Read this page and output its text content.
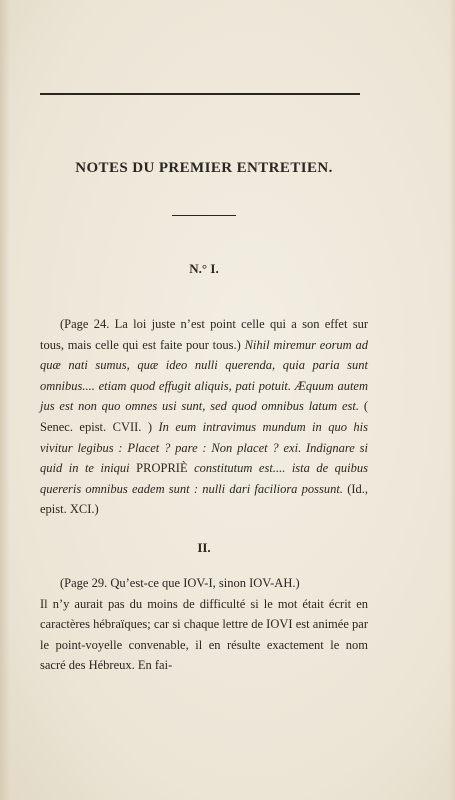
NOTES DU PREMIER ENTRETIEN.
N.° I.

(Page 24. La loi juste n’est point celle qui a son effet sur tous, mais celle qui est faite pour tous.) Nihil miremur eorum ad quæ nati sumus, quæ ideo nulli querenda, quia paria sunt omnibus.... etiam quod effugit aliquis, pati potuit. Æquum autem jus est non quo omnes usi sunt, sed quod omnibus latum est. ( Senec. epist. CVII. ) In eum intravimus mundum in quo his vivitur legibus : Placet ? pare : Non placet ? exi. Indignare si quid in te iniqui PROPRIÈ constitutum est.... ista de quibus quereris omnibus eadem sunt : nulli dari faciliora possunt. (Id., epist. XCI.)

II.

(Page 29. Qu’est-ce que IOV-I, sinon IOV-AH.)
Il n’y aurait pas du moins de difficulté si le mot était écrit en caractères hébraïques; car si chaque lettre de IOVI est animée par le point-voyelle convenable, il en résulte exactement le nom sacré des Hébreux. En fai-
